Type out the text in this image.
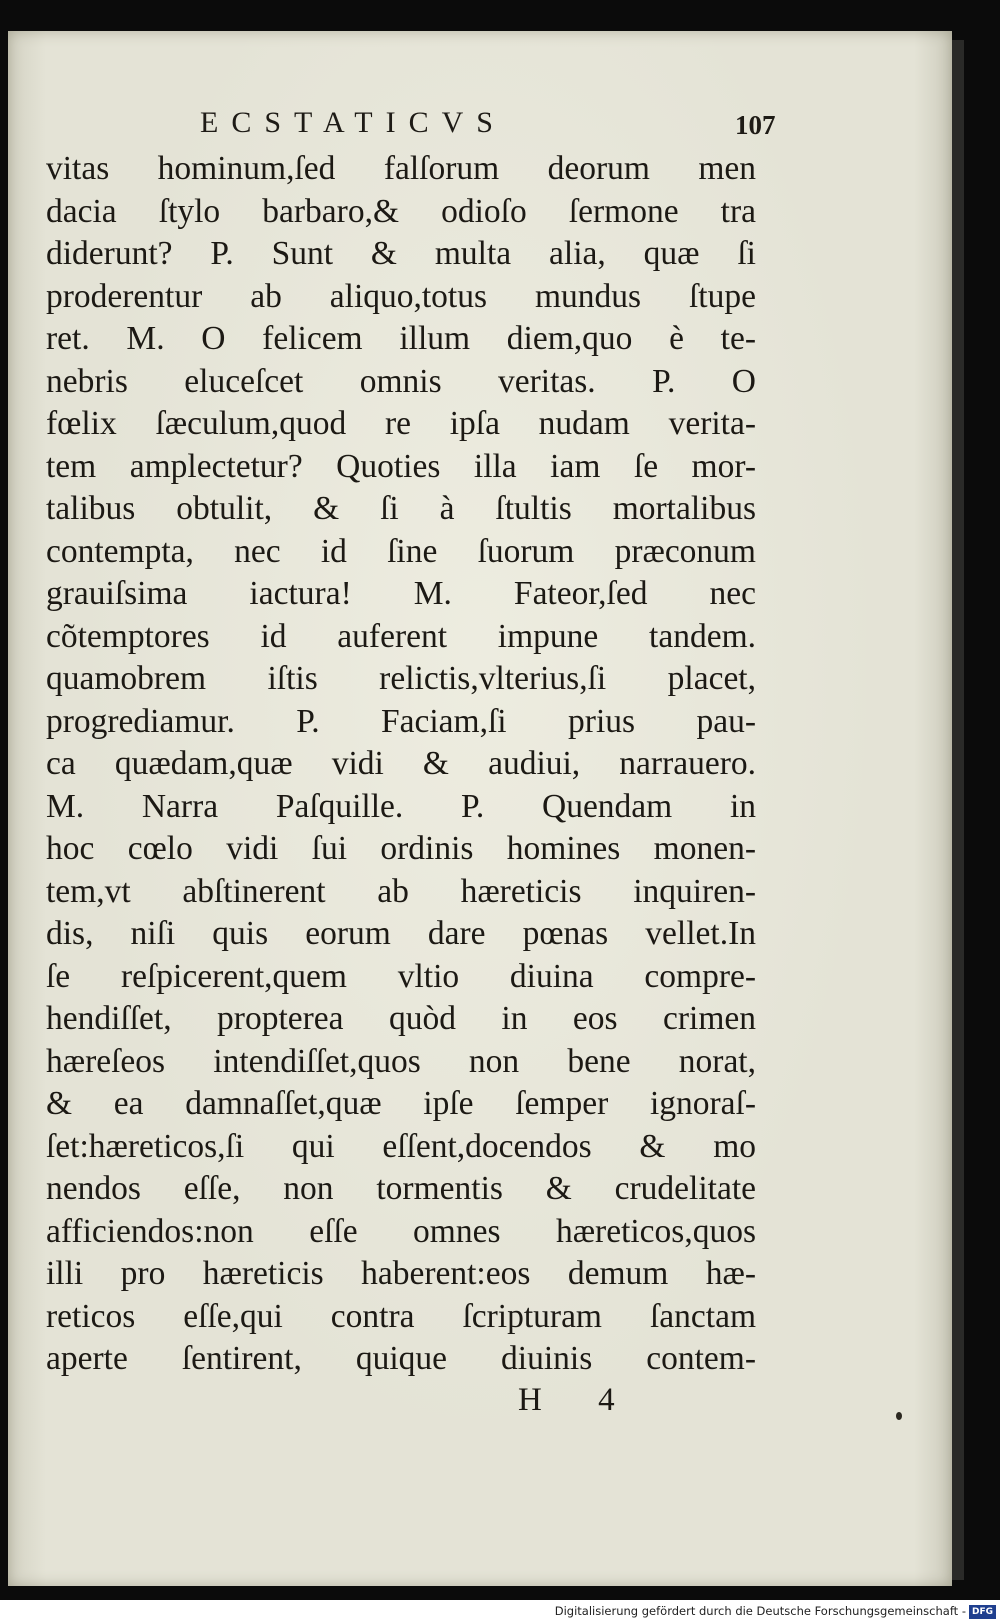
ECSTATICVS	107
vitas hominum,ſed falſorum deorum men
dacia ſtylo barbaro,& odioſo ſermone tra
diderunt? P. Sunt & multa alia, quæ ſi
proderentur ab aliquo,totus mundus ſtupe
ret. M. O felicem illum diem,quo è te-
nebris eluceſcet omnis veritas. P. O
fœlix ſæculum,quod re ipſa nudam verita-
tem amplectetur? Quoties illa iam ſe mor-
talibus obtulit, & ſi à ſtultis mortalibus
contempta, nec id ſine ſuorum præconum
grauiſsima iactura! M. Fateor,ſed nec
cõtemptores id auferent impune tandem.
quamobrem iſtis relictis,vlterius,ſi placet,
progrediamur. P. Faciam,ſi prius pau-
ca quædam,quæ vidi & audiui, narrauero.
M. Narra Paſquille. P. Quendam in
hoc cœlo vidi ſui ordinis homines monen-
tem,vt abſtinerent ab hæreticis inquiren-
dis, niſi quis eorum dare pœnas vellet.In
ſe reſpicerent,quem vltio diuina compre-
hendiſſet, propterea quòd in eos crimen
hæreſeos intendiſſet,quos non bene norat,
& ea damnaſſet,quæ ipſe ſemper ignoraſ-
ſet:hæreticos,ſi qui eſſent,docendos & mo
nendos eſſe, non tormentis & crudelitate
afficiendos:non eſſe omnes hæreticos,quos
illi pro hæreticis haberent:eos demum hæ-
reticos eſſe,qui contra ſcripturam ſanctam
aperte ſentirent, quique diuinis contem-
H 4
Digitalisierung gefördert durch die Deutsche Forschungsgemeinschaft - DFG
